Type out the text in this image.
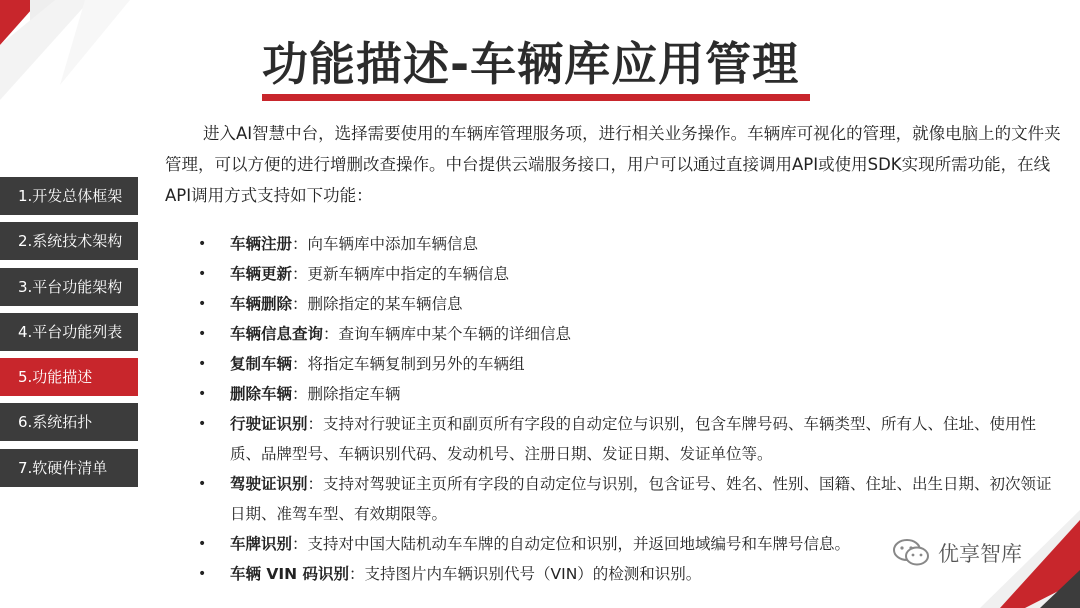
功能描述-车辆库应用管理
进入AI智慧中台，选择需要使用的车辆库管理服务项，进行相关业务操作。车辆库可视化的管理，就像电脑上的文件夹管理，可以方便的进行增删改查操作。中台提供云端服务接口，用户可以通过直接调用API或使用SDK实现所需功能，在线API调用方式支持如下功能：
1.开发总体框架
2.系统技术架构
3.平台功能架构
4.平台功能列表
5.功能描述
6.系统拓扑
7.软硬件清单
• 车辆注册：向车辆库中添加车辆信息
• 车辆更新：更新车辆库中指定的车辆信息
• 车辆删除：删除指定的某车辆信息
• 车辆信息查询：查询车辆库中某个车辆的详细信息
• 复制车辆：将指定车辆复制到另外的车辆组
• 删除车辆：删除指定车辆
• 行驶证识别：支持对行驶证主页和副页所有字段的自动定位与识别，包含车牌号码、车辆类型、所有人、住址、使用性质、品牌型号、车辆识别代码、发动机号、注册日期、发证日期、发证单位等。
• 驾驶证识别：支持对驾驶证主页所有字段的自动定位与识别，包含证号、姓名、性别、国籍、住址、出生日期、初次领证日期、准驾车型、有效期限等。
• 车牌识别：支持对中国大陆机动车车牌的自动定位和识别，并返回地域编号和车牌号信息。
• 车辆 VIN 码识别：支持图片内车辆识别代号（VIN）的检测和识别。
优享智库
